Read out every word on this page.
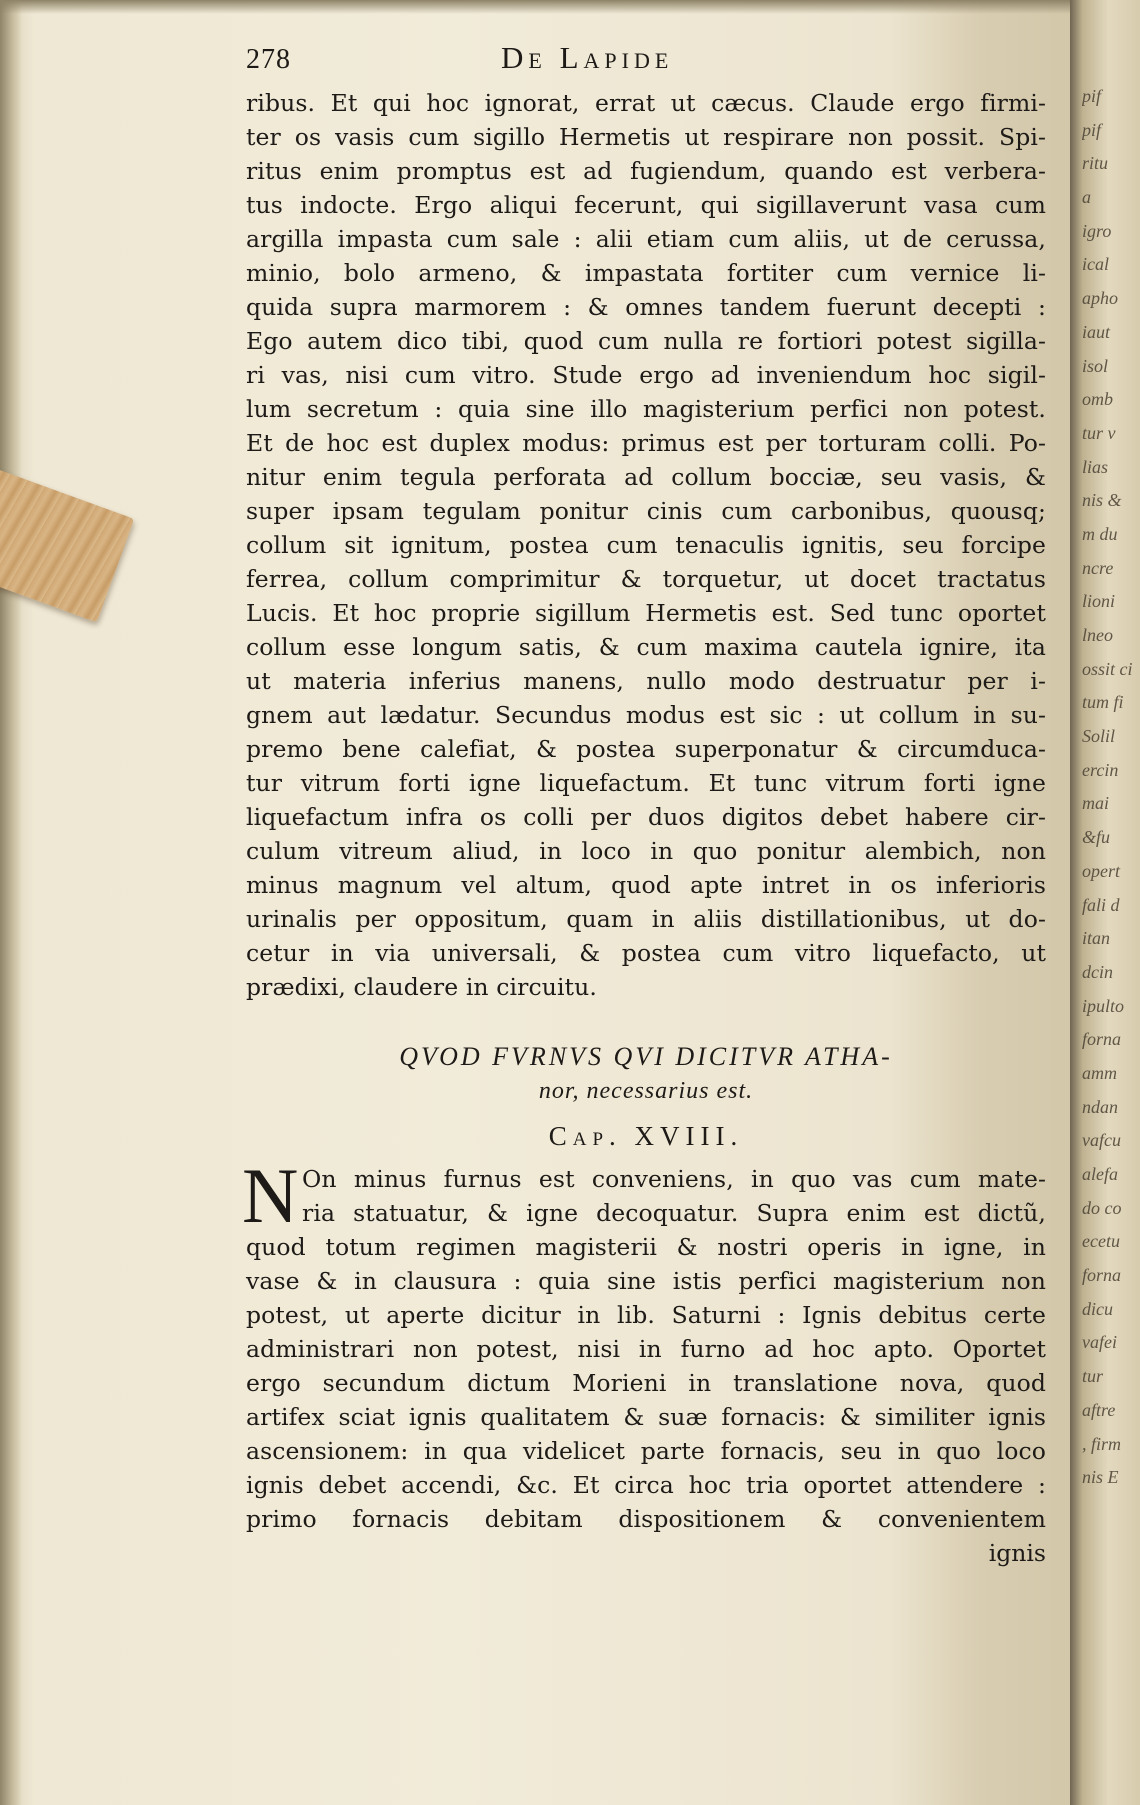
pif
pif
ritu
a
igro
ical
apho
iaut
isol
omb
tur v
lias
nis &
m du
ncre
lioni
lneo
ossit ci
tum fi
Solil
ercin
mai
&fu
opert
fali d
itan
dcin
ipulto
forna
amm
ndan
vafcu
alefa
do co
ecetu
forna
dicu
vafei
tur
aftre
, firm
nis E
278	De Lapide
ribus. Et qui hoc ignorat, errat ut cæcus. Claude ergo firmi-
ter os vasis cum sigillo Hermetis ut respirare non possit. Spi-
ritus enim promptus est ad fugiendum, quando est verbera-
tus indocte. Ergo aliqui fecerunt, qui sigillaverunt vasa cum
argilla impasta cum sale : alii etiam cum aliis, ut de cerussa,
minio, bolo armeno, & impastata fortiter cum vernice li-
quida supra marmorem : & omnes tandem fuerunt decepti :
Ego autem dico tibi, quod cum nulla re fortiori potest sigilla-
ri vas, nisi cum vitro. Stude ergo ad inveniendum hoc sigil-
lum secretum : quia sine illo magisterium perfici non potest.
Et de hoc est duplex modus: primus est per torturam colli. Po-
nitur enim tegula perforata ad collum bocciæ, seu vasis, &
super ipsam tegulam ponitur cinis cum carbonibus, quousq;
collum sit ignitum, postea cum tenaculis ignitis, seu forcipe
ferrea, collum comprimitur & torquetur, ut docet tractatus
Lucis. Et hoc proprie sigillum Hermetis est. Sed tunc oportet
collum esse longum satis, & cum maxima cautela ignire, ita
ut materia inferius manens, nullo modo destruatur per i-
gnem aut lædatur. Secundus modus est sic : ut collum in su-
premo bene calefiat, & postea superponatur & circumduca-
tur vitrum forti igne liquefactum. Et tunc vitrum forti igne
liquefactum infra os colli per duos digitos debet habere cir-
culum vitreum aliud, in loco in quo ponitur alembich, non
minus magnum vel altum, quod apte intret in os inferioris
urinalis per oppositum, quam in aliis distillationibus, ut do-
cetur in via universali, & postea cum vitro liquefacto, ut
prædixi, claudere in circuitu.
QVOD FVRNVS QVI DICITVR ATHA-
nor, necessarius est.
Cap. XVIII.
N On minus furnus est conveniens, in quo vas cum mate-
ria statuatur, & igne decoquatur. Supra enim est dictũ,
quod totum regimen magisterii & nostri operis in igne, in
vase & in clausura : quia sine istis perfici magisterium non
potest, ut aperte dicitur in lib. Saturni : Ignis debitus certe
administrari non potest, nisi in furno ad hoc apto. Oportet
ergo secundum dictum Morieni in translatione nova, quod
artifex sciat ignis qualitatem & suæ fornacis: & similiter ignis
ascensionem: in qua videlicet parte fornacis, seu in quo loco
ignis debet accendi, &c. Et circa hoc tria oportet attendere :
primo fornacis debitam dispositionem & convenientem
ignis
